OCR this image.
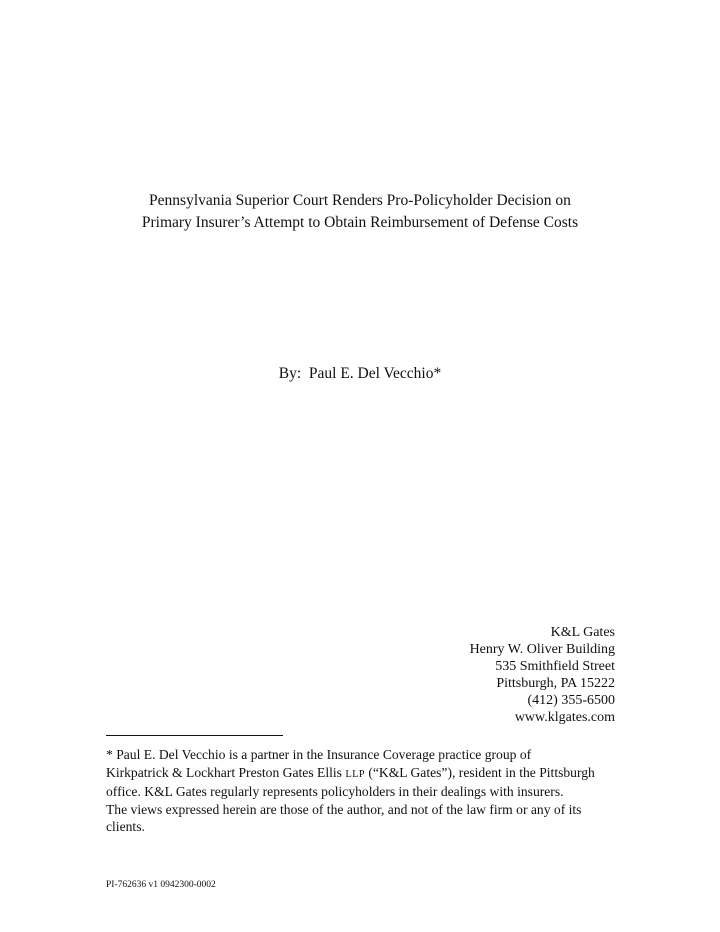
Pennsylvania Superior Court Renders Pro-Policyholder Decision on
Primary Insurer’s Attempt to Obtain Reimbursement of Defense Costs
By:  Paul E. Del Vecchio*
K&L Gates
Henry W. Oliver Building
535 Smithfield Street
Pittsburgh, PA 15222
(412) 355-6500
www.klgates.com
* Paul E. Del Vecchio is a partner in the Insurance Coverage practice group of
Kirkpatrick & Lockhart Preston Gates Ellis LLP (“K&L Gates”), resident in the Pittsburgh
office. K&L Gates regularly represents policyholders in their dealings with insurers.
The views expressed herein are those of the author, and not of the law firm or any of its
clients.
PI-762636 v1 0942300-0002
